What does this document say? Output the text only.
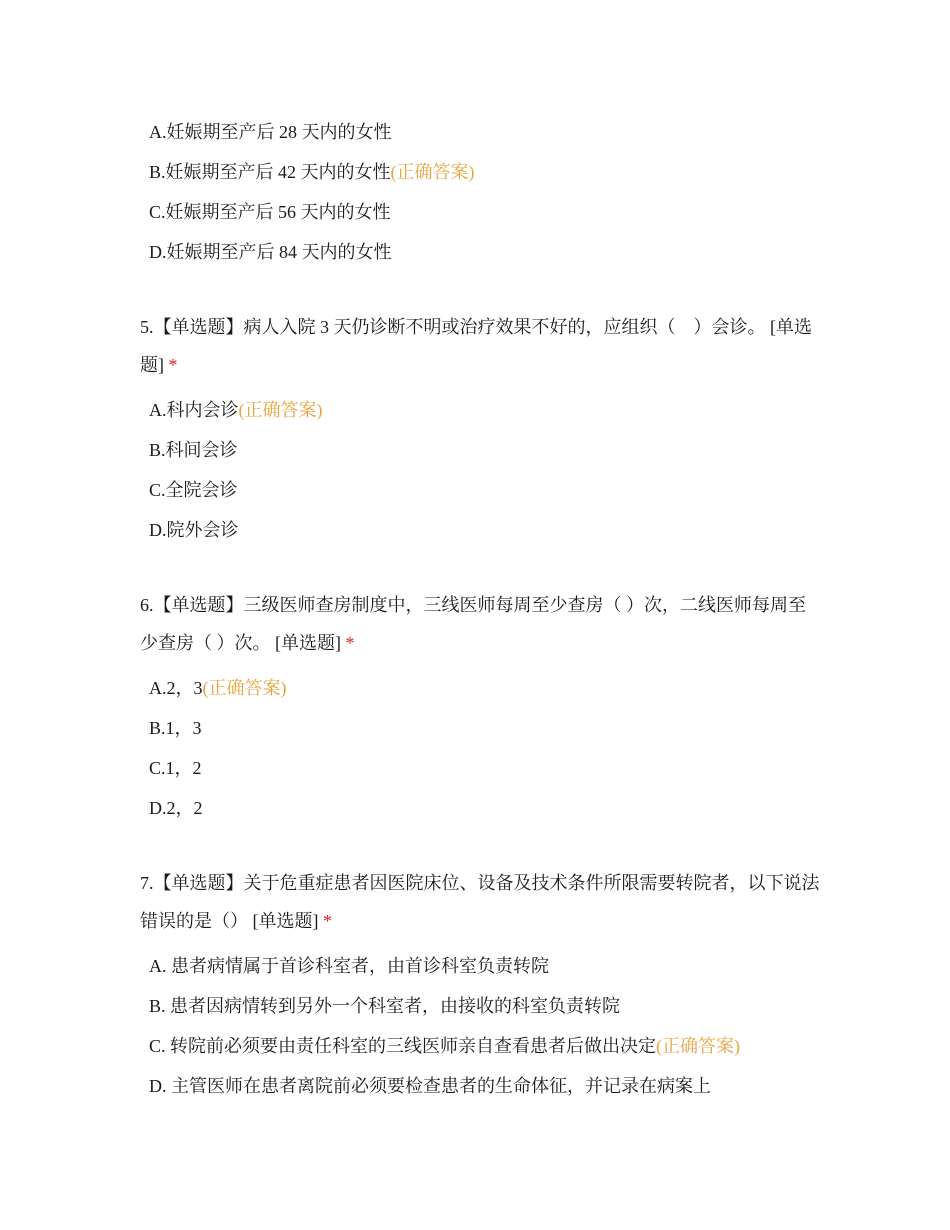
A.妊娠期至产后 28 天内的女性
B.妊娠期至产后 42 天内的女性(正确答案)
C.妊娠期至产后 56 天内的女性
D.妊娠期至产后 84 天内的女性
5.【单选题】病人入院 3 天仍诊断不明或治疗效果不好的，应组织（　）会诊。 [单选题] *
A.科内会诊(正确答案)
B.科间会诊
C.全院会诊
D.院外会诊
6.【单选题】三级医师查房制度中，三线医师每周至少查房（ ）次，二线医师每周至少查房（ ）次。 [单选题] *
A.2，3(正确答案)
B.1，3
C.1，2
D.2，2
7.【单选题】关于危重症患者因医院床位、设备及技术条件所限需要转院者，以下说法错误的是（） [单选题] *
A. 患者病情属于首诊科室者，由首诊科室负责转院
B. 患者因病情转到另外一个科室者，由接收的科室负责转院
C. 转院前必须要由责任科室的三线医师亲自查看患者后做出决定(正确答案)
D. 主管医师在患者离院前必须要检查患者的生命体征，并记录在病案上
